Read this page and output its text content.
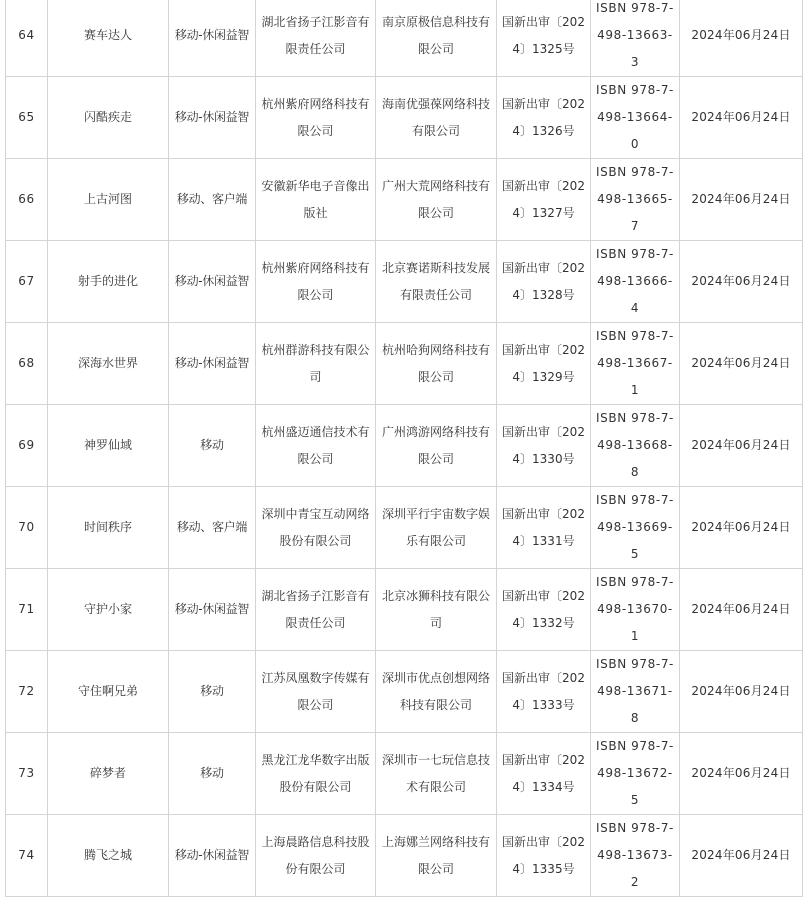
64	赛车达人	移动-休闲益智	湖北省扬子江影音有限责任公司	南京原极信息科技有限公司	国新出审〔2024〕1325号	ISBN 978-7-498-13663-3	2024年06月24日
65	闪酷疾走	移动-休闲益智	杭州紫府网络科技有限公司	海南优强葆网络科技有限公司	国新出审〔2024〕1326号	ISBN 978-7-498-13664-0	2024年06月24日
66	上古河图	移动、客户端	安徽新华电子音像出版社	广州大荒网络科技有限公司	国新出审〔2024〕1327号	ISBN 978-7-498-13665-7	2024年06月24日
67	射手的进化	移动-休闲益智	杭州紫府网络科技有限公司	北京赛诺斯科技发展有限责任公司	国新出审〔2024〕1328号	ISBN 978-7-498-13666-4	2024年06月24日
68	深海水世界	移动-休闲益智	杭州群游科技有限公司	杭州哈狗网络科技有限公司	国新出审〔2024〕1329号	ISBN 978-7-498-13667-1	2024年06月24日
69	神罗仙域	移动	杭州盛迈通信技术有限公司	广州鸿游网络科技有限公司	国新出审〔2024〕1330号	ISBN 978-7-498-13668-8	2024年06月24日
70	时间秩序	移动、客户端	深圳中青宝互动网络股份有限公司	深圳平行宇宙数字娱乐有限公司	国新出审〔2024〕1331号	ISBN 978-7-498-13669-5	2024年06月24日
71	守护小家	移动-休闲益智	湖北省扬子江影音有限责任公司	北京冰狮科技有限公司	国新出审〔2024〕1332号	ISBN 978-7-498-13670-1	2024年06月24日
72	守住啊兄弟	移动	江苏凤凰数字传媒有限公司	深圳市优点创想网络科技有限公司	国新出审〔2024〕1333号	ISBN 978-7-498-13671-8	2024年06月24日
73	碎梦者	移动	黑龙江龙华数字出版股份有限公司	深圳市一七玩信息技术有限公司	国新出审〔2024〕1334号	ISBN 978-7-498-13672-5	2024年06月24日
74	腾飞之城	移动-休闲益智	上海晨路信息科技股份有限公司	上海娜兰网络科技有限公司	国新出审〔2024〕1335号	ISBN 978-7-498-13673-2	2024年06月24日
